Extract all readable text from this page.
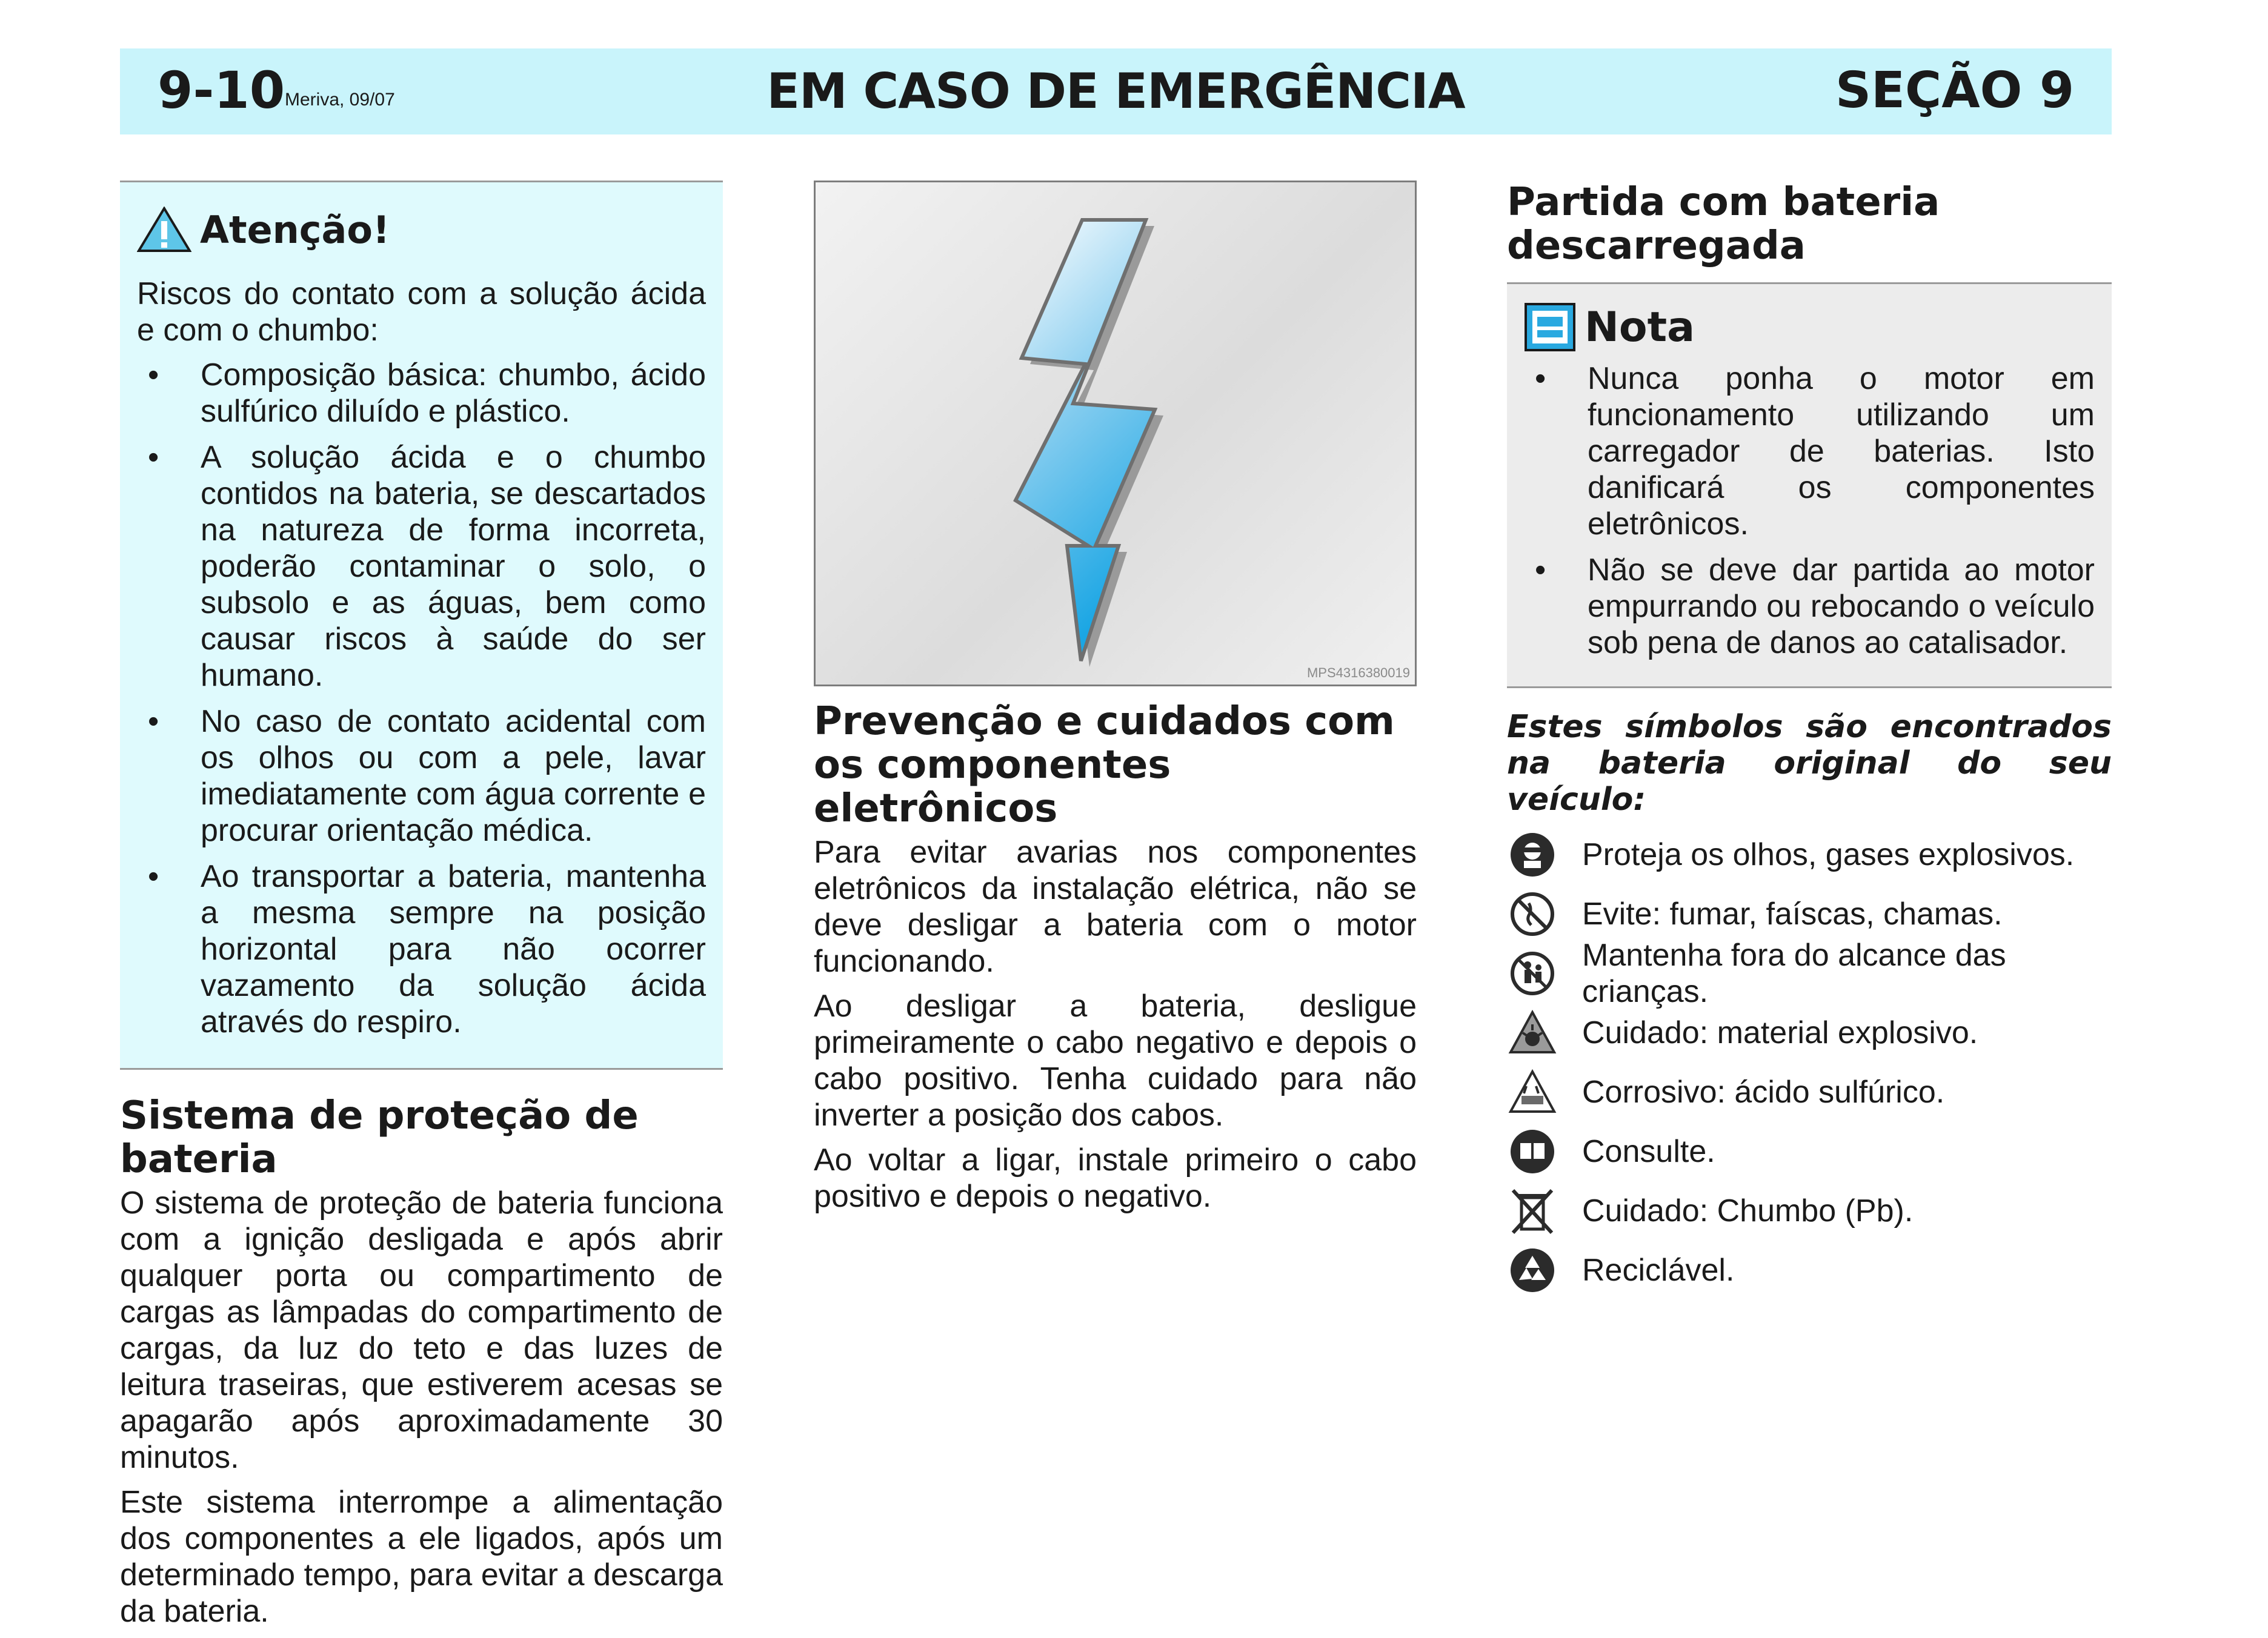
9-10 Meriva, 09/07	EM CASO DE EMERGÊNCIA	SEÇÃO 9
Atenção!

Riscos do contato com a solução ácida e com o chumbo:

• Composição básica: chumbo, ácido sulfúrico diluído e plástico.
• A solução ácida e o chumbo contidos na bateria, se descartados na natureza de forma incorreta, poderão contaminar o solo, o subsolo e as águas, bem como causar riscos à saúde do ser humano.
• No caso de contato acidental com os olhos ou com a pele, lavar imediatamente com água corrente e procurar orientação médica.
• Ao transportar a bateria, mantenha a mesma sempre na posição horizontal para não ocorrer vazamento da solução ácida através do respiro.
Sistema de proteção de bateria

O sistema de proteção de bateria funciona com a ignição desligada e após abrir qualquer porta ou compartimento de cargas as lâmpadas do compartimento de cargas, da luz do teto e das luzes de leitura traseiras, que estiverem acesas se apagarão após aproximadamente 30 minutos.

Este sistema interrompe a alimentação dos componentes a ele ligados, após um determinado tempo, para evitar a descarga da bateria.

MPS4316380019
Prevenção e cuidados com os componentes eletrônicos

Para evitar avarias nos componentes eletrônicos da instalação elétrica, não se deve desligar a bateria com o motor funcionando.

Ao desligar a bateria, desligue primeiramente o cabo negativo e depois o cabo positivo. Tenha cuidado para não inverter a posição dos cabos.

Ao voltar a ligar, instale primeiro o cabo positivo e depois o negativo.

Partida com bateria descarregada
Nota
• Nunca ponha o motor em funcionamento utilizando um carregador de baterias. Isto danificará os componentes eletrônicos.
• Não se deve dar partida ao motor empurrando ou rebocando o veículo sob pena de danos ao catalisador.

Estes símbolos são encontrados na bateria original do seu veículo:

Proteja os olhos, gases explosivos.
Evite: fumar, faíscas, chamas.
Mantenha fora do alcance das crianças.
Cuidado: material explosivo.
Corrosivo: ácido sulfúrico.
Consulte.
Cuidado: Chumbo (Pb).
Reciclável.
